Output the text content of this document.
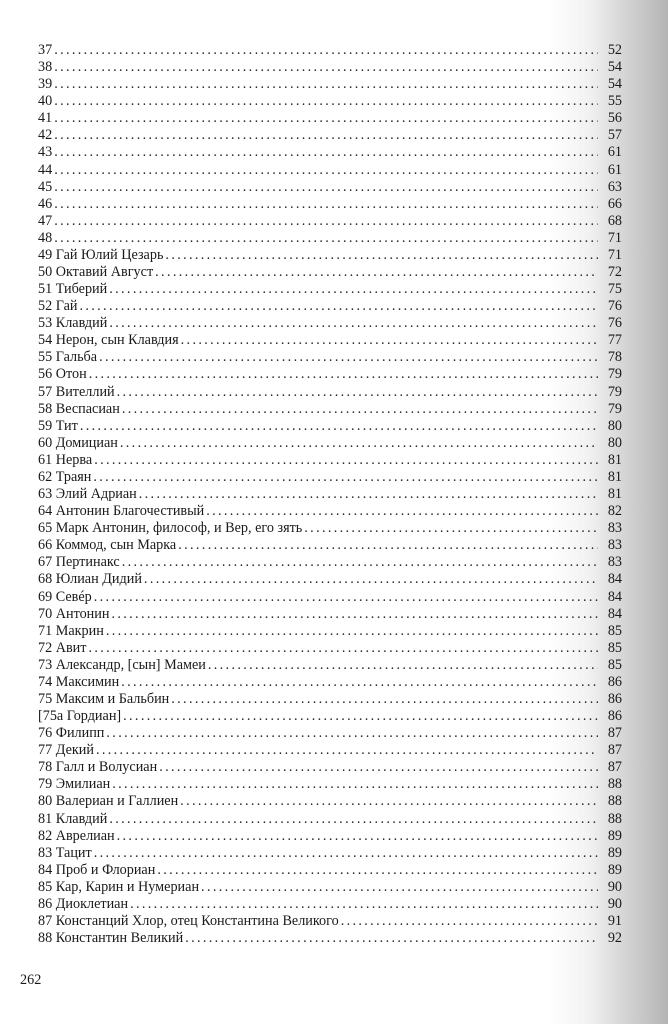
37 . . .	52
38 . . .	54
39 . . .	54
40 . . .	55
41 . . .	56
42 . . .	57
43 . . .	61
44 . . .	61
45 . . .	63
46 . . .	66
47 . . .	68
48 . . .	71
49 Гай Юлий Цезарь . . .	71
50 Октавий Август . . .	72
51 Тиберий . . .	75
52 Гай . . .	76
53 Клавдий . . .	76
54 Нерон, сын Клавдия . . .	77
55 Гальба . . .	78
56 Отон . . .	79
57 Вителлий . . .	79
58 Веспасиан . . .	79
59 Тит . . .	80
60 Домициан . . .	80
61 Нерва . . .	81
62 Траян . . .	81
63 Элий Адриан . . .	81
64 Антонин Благочестивый . . .	82
65 Марк Антонин, философ, и Вер, его зять . . .	83
66 Коммод, сын Марка . . .	83
67 Пертинакс . . .	83
68 Юлиан Дидий . . .	84
69 Севéр . . .	84
70 Антонин . . .	84
71 Макрин . . .	85
72 Авит . . .	85
73 Александр, [сын] Мамеи . . .	85
74 Максимин . . .	86
75 Максим и Бальбин . . .	86
[75a Гордиан] . . .	86
76 Филипп . . .	87
77 Декий . . .	87
78 Галл и Волусиан . . .	87
79 Эмилиан . . .	88
80 Валериан и Галлиен . . .	88
81 Клавдий . . .	88
82 Аврелиан . . .	89
83 Тацит . . .	89
84 Проб и Флориан . . .	89
85 Кар, Карин и Нумериан . . .	90
86 Диоклетиан . . .	90
87 Констанций Хлор, отец Константина Великого . . .	91
88 Константин Великий . . .	92
262
